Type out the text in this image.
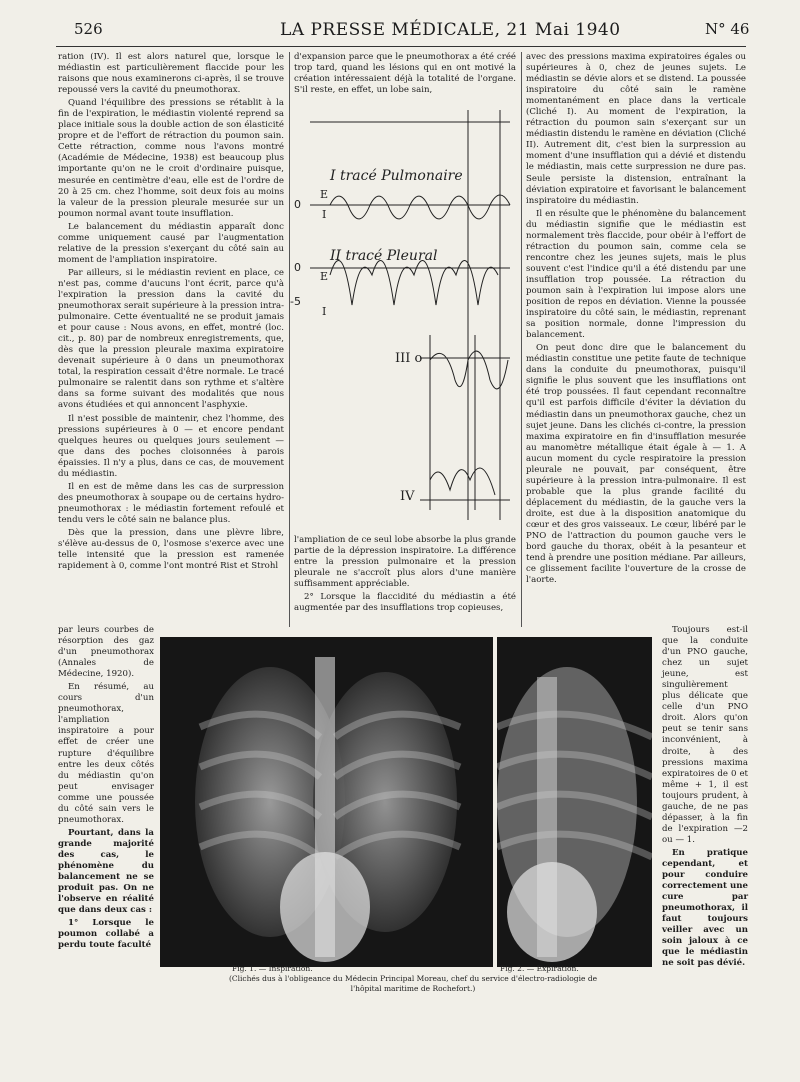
526	LA PRESSE MÉDICALE, 21 Mai 1940	N° 46

ration (IV). Il est alors naturel que, lorsque le médiastin est particulièrement flaccide pour les raisons que nous examinerons ci-après, il se trouve repoussé vers la cavité du pneumothorax.

Quand l'équilibre des pressions se rétablit à la fin de l'expiration, le médiastin violenté reprend sa place initiale sous la double action de son élasticité propre et de l'effort de rétraction du poumon sain. Cette rétraction, comme nous l'avons montré (Académie de Médecine, 1938) est beaucoup plus importante qu'on ne le croit d'ordinaire puisque, mesurée en centimètre d'eau, elle est de l'ordre de 20 à 25 cm. chez l'homme, soit deux fois au moins la valeur de la pression pleurale mesurée sur un poumon normal avant toute insufflation.

Le balancement du médiastin apparaît donc comme uniquement causé par l'augmentation relative de la pression s'exerçant du côté sain au moment de l'ampliation inspiratoire.

Par ailleurs, si le médiastin revient en place, ce n'est pas, comme d'aucuns l'ont écrit, parce qu'à l'expiration la pression dans la cavité du pneumothorax serait supérieure à la pression intra-pulmonaire. Cette éventualité ne se produit jamais et pour cause : Nous avons, en effet, montré (loc. cit., p. 80) par de nombreux enregistrements, que, dès que la pression pleurale maxima expiratoire devenait supérieure à 0 dans un pneumothorax total, la respiration cessait d'être normale. Le tracé pulmonaire se ralentit dans son rythme et s'altère dans sa forme suivant des modalités que nous avons étudiées et qui annoncent l'asphyxie.

Il n'est possible de maintenir, chez l'homme, des pressions supérieures à 0 — et encore pendant quelques heures ou quelques jours seulement — que dans des poches cloisonnées à parois épaissies. Il n'y a plus, dans ce cas, de mouvement du médiastin.

Il en est de même dans les cas de surpression des pneumothorax à soupape ou de certains hydro-pneumothorax : le médiastin fortement refoulé et tendu vers le côté sain ne balance plus.

Dès que la pression, dans une plèvre libre, s'élève au-dessus de 0, l'osmose s'exerce avec une telle intensité que la pression est ramenée rapidement à 0, comme l'ont montré Rist et Strohl

par leurs courbes de résorption des gaz d'un pneumothorax (Annales de Médecine, 1920).

En résumé, au cours d'un pneumothorax, l'ampliation inspiratoire a pour effet de créer une rupture d'équilibre entre les deux côtés du médiastin qu'on peut envisager comme une poussée du côté sain vers le pneumothorax.

Pourtant, dans la grande majorité des cas, le phénomène du balancement ne se produit pas. On ne l'observe en réalité que dans deux cas :

1° Lorsque le poumon collabé a perdu toute faculté

d'expansion parce que le pneumothorax a été créé trop tard, quand les lésions qui en ont motivé la création intéressaient déjà la totalité de l'organe. S'il reste, en effet, un lobe sain,

I tracé Pulmonaire
II tracé Pleural
III o
IV
0
0
-5
E
I
E
I

l'ampliation de ce seul lobe absorbe la plus grande partie de la dépression inspiratoire. La différence entre la pression pulmonaire et la pression pleurale ne s'accroît plus alors d'une manière suffisamment appréciable.

2° Lorsque la flaccidité du médiastin a été augmentée par des insufflations trop copieuses,

avec des pressions maxima expiratoires égales ou supérieures à 0, chez de jeunes sujets. Le médiastin se dévie alors et se distend. La poussée inspiratoire du côté sain le ramène momentanément en place dans la verticale (Cliché I). Au moment de l'expiration, la rétraction du poumon sain s'exerçant sur un médiastin distendu le ramène en déviation (Cliché II). Autrement dit, c'est bien la surpression au moment d'une insufflation qui a dévié et distendu le médiastin, mais cette surpression ne dure pas. Seule persiste la distension, entraînant la déviation expiratoire et favorisant le balancement inspiratoire du médiastin.

Il en résulte que le phénomène du balancement du médiastin signifie que le médiastin est normalement très flaccide, pour obéir à l'effort de rétraction du poumon sain, comme cela se rencontre chez les jeunes sujets, mais le plus souvent c'est l'indice qu'il a été distendu par une insufflation trop poussée. La rétraction du poumon sain à l'expiration lui impose alors une position de repos en déviation. Vienne la poussée inspiratoire du côté sain, le médiastin, reprenant sa position normale, donne l'impression du balancement.

On peut donc dire que le balancement du médiastin constitue une petite faute de technique dans la conduite du pneumothorax, puisqu'il signifie le plus souvent que les insufflations ont été trop poussées. Il faut cependant reconnaître qu'il est parfois difficile d'éviter la déviation du médiastin dans un pneumothorax gauche, chez un sujet jeune. Dans les clichés ci-contre, la pression maxima expiratoire en fin d'insufflation mesurée au manomètre métallique était égale à — 1. A aucun moment du cycle respiratoire la pression pleurale ne pouvait, par conséquent, être supérieure à la pression intra-pulmonaire. Il est probable que la plus grande facilité du déplacement du médiastin, de la gauche vers la droite, est due à la disposition anatomique du cœur et des gros vaisseaux. Le cœur, libéré par le PNO de l'attraction du poumon gauche vers le bord gauche du thorax, obéit à la pesanteur et tend à prendre une position médiane. Par ailleurs, ce glissement facilite l'ouverture de la crosse de l'aorte.

Toujours est-il que la conduite d'un PNO gauche, chez un sujet jeune, est singulièrement plus délicate que celle d'un PNO droit. Alors qu'on peut se tenir sans inconvénient, à droite, à des pressions maxima expiratoires de 0 et même + 1, il est toujours prudent, à gauche, de ne pas dépasser, à la fin de l'expiration —2 ou — 1.

En pratique cependant, et pour conduire correctement une cure par pneumothorax, il faut toujours veiller avec un soin jaloux à ce que le médiastin ne soit pas dévié.

Fig. 1. — Inspiration.	Fig. 2. — Expiration.
(Clichés dus à l'obligeance du Médecin Principal Moreau, chef du service d'électro-radiologie de l'hôpital maritime de Rochefort.)
